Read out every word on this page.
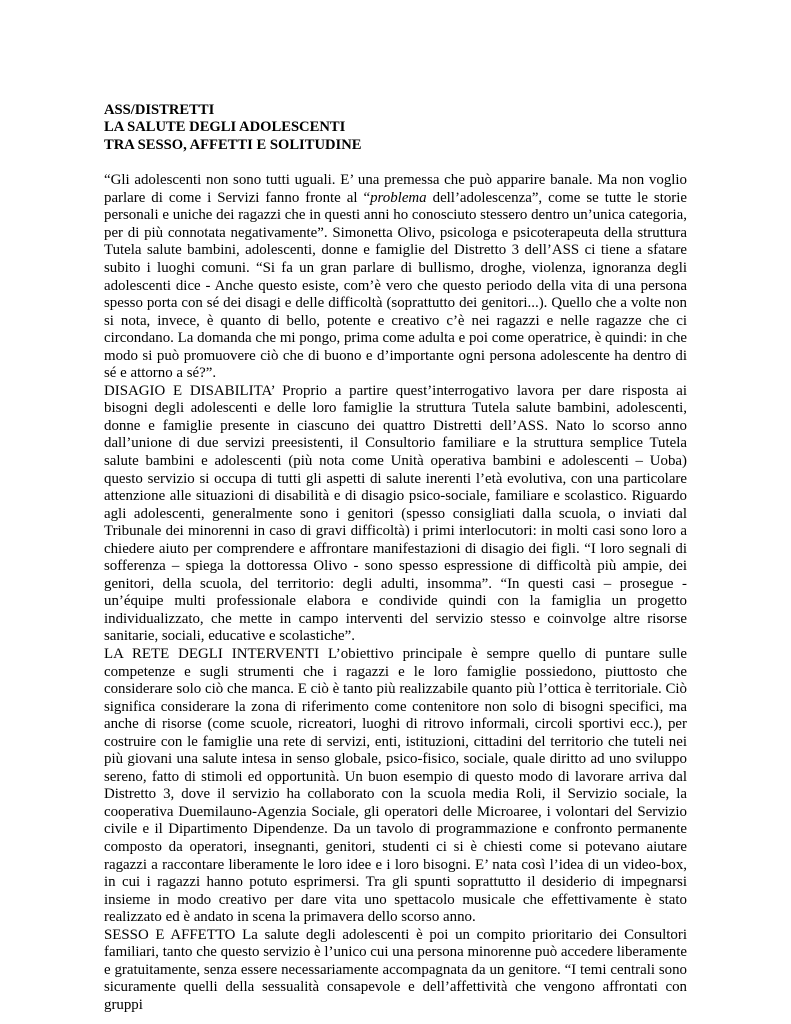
ASS/DISTRETTI

LA SALUTE DEGLI ADOLESCENTI

TRA SESSO, AFFETTI E SOLITUDINE

“Gli adolescenti non sono tutti uguali. E’ una premessa che può apparire banale. Ma non voglio parlare di come i Servizi fanno fronte al “problema dell’adolescenza”, come se tutte le storie personali e uniche dei ragazzi che in questi anni ho conosciuto stessero dentro un’unica categoria, per di più connotata negativamente”. Simonetta Olivo, psicologa e psicoterapeuta della struttura Tutela salute bambini, adolescenti, donne e famiglie del Distretto 3 dell’ASS ci tiene a sfatare subito i luoghi comuni. “Si fa un gran parlare di bullismo, droghe, violenza, ignoranza degli adolescenti dice - Anche questo esiste, com’è vero che questo periodo della vita di una persona spesso porta con sé dei disagi e delle difficoltà (soprattutto dei genitori...). Quello che a volte non si nota, invece, è quanto di bello, potente e creativo c’è nei ragazzi e nelle ragazze che ci circondano. La domanda che mi pongo, prima come adulta e poi come operatrice, è quindi: in che modo si può promuovere ciò che di buono e d’importante ogni persona adolescente ha dentro di sé e attorno a sé?”.

DISAGIO E DISABILITA’ Proprio a partire quest’interrogativo lavora per dare risposta ai bisogni degli adolescenti e delle loro famiglie la struttura Tutela salute bambini, adolescenti, donne e famiglie presente in ciascuno dei quattro Distretti dell’ASS. Nato lo scorso anno dall’unione di due servizi preesistenti, il Consultorio familiare e la struttura semplice Tutela salute bambini e adolescenti (più nota come Unità operativa bambini e adolescenti – Uoba) questo servizio si occupa di tutti gli aspetti di salute inerenti l’età evolutiva, con una particolare attenzione alle situazioni di disabilità e di disagio psico-sociale, familiare e scolastico. Riguardo agli adolescenti, generalmente sono i genitori (spesso consigliati dalla scuola, o inviati dal Tribunale dei minorenni in caso di gravi difficoltà) i primi interlocutori: in molti casi sono loro a chiedere aiuto per comprendere e affrontare manifestazioni di disagio dei figli. “I loro segnali di sofferenza – spiega la dottoressa Olivo - sono spesso espressione di difficoltà più ampie, dei genitori, della scuola, del territorio: degli adulti, insomma”. “In questi casi – prosegue - un’équipe multi professionale elabora e condivide quindi con la famiglia un progetto individualizzato, che mette in campo interventi del servizio stesso e coinvolge altre risorse sanitarie, sociali, educative e scolastiche”.

LA RETE DEGLI INTERVENTI L’obiettivo principale è sempre quello di puntare sulle competenze e sugli strumenti che i ragazzi e le loro famiglie possiedono, piuttosto che considerare solo ciò che manca. E ciò è tanto più realizzabile quanto più l’ottica è territoriale. Ciò significa considerare la zona di riferimento come contenitore non solo di bisogni specifici, ma anche di risorse (come scuole, ricreatori, luoghi di ritrovo informali, circoli sportivi ecc.), per costruire con le famiglie una rete di servizi, enti, istituzioni, cittadini del territorio che tuteli nei più giovani una salute intesa in senso globale, psico-fisico, sociale, quale diritto ad uno sviluppo sereno, fatto di stimoli ed opportunità. Un buon esempio di questo modo di lavorare arriva dal Distretto 3, dove il servizio ha collaborato con la scuola media Roli, il Servizio sociale, la cooperativa Duemilauno-Agenzia Sociale, gli operatori delle Microaree, i volontari del Servizio civile e il Dipartimento Dipendenze. Da un tavolo di programmazione e confronto permanente composto da operatori, insegnanti, genitori, studenti ci si è chiesti come si potevano aiutare ragazzi a raccontare liberamente le loro idee e i loro bisogni. E’ nata così l’idea di un video-box, in cui i ragazzi hanno potuto esprimersi. Tra gli spunti soprattutto il desiderio di impegnarsi insieme in modo creativo per dare vita uno spettacolo musicale che effettivamente è stato realizzato ed è andato in scena la primavera dello scorso anno.

SESSO E AFFETTO La salute degli adolescenti è poi un compito prioritario dei Consultori familiari, tanto che questo servizio è l’unico cui una persona minorenne può accedere liberamente e gratuitamente, senza essere necessariamente accompagnata da un genitore. “I temi centrali sono sicuramente quelli della sessualità consapevole e dell’affettività che vengono affrontati con gruppi
